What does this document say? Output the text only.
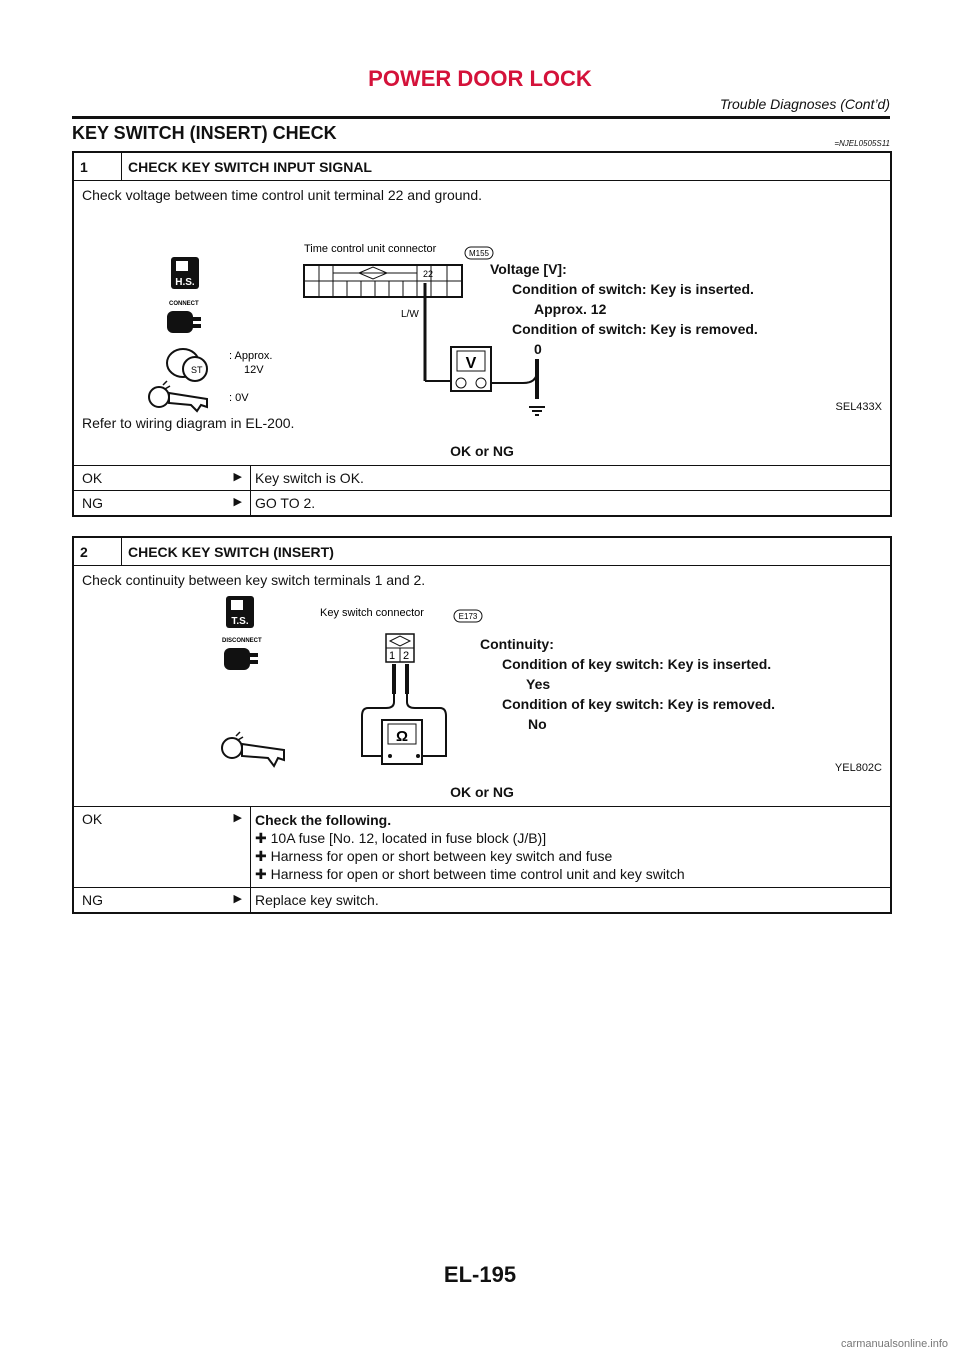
POWER DOOR LOCK
Trouble Diagnoses (Cont’d)
KEY SWITCH (INSERT) CHECK
=NJEL0505S11
1	CHECK KEY SWITCH INPUT SIGNAL
Check voltage between time control unit terminal 22 and ground.
H.S.
CONNECT
ST
: Approx.
12V
: 0V
Time control unit connector	M155
22
V
L/W
Voltage [V]:
Condition of switch: Key is inserted.
Approx. 12
Condition of switch: Key is removed.
0
SEL433X
Refer to wiring diagram in EL-200.
OK or NG
OK	▶ Key switch is OK.
NG	▶ GO TO 2.
2	CHECK KEY SWITCH (INSERT)
Check continuity between key switch terminals 1 and 2.
T.S.
DISCONNECT
Key switch connector	E173
1 2
Ω
Continuity:
Condition of key switch: Key is inserted.
Yes
Condition of key switch: Key is removed.
No
YEL802C
OK or NG
OK	▶ Check the following.
✚ 10A fuse [No. 12, located in fuse block (J/B)]
✚ Harness for open or short between key switch and fuse
✚ Harness for open or short between time control unit and key switch
NG	▶ Replace key switch.
EL-195
carmanualsonline.info
